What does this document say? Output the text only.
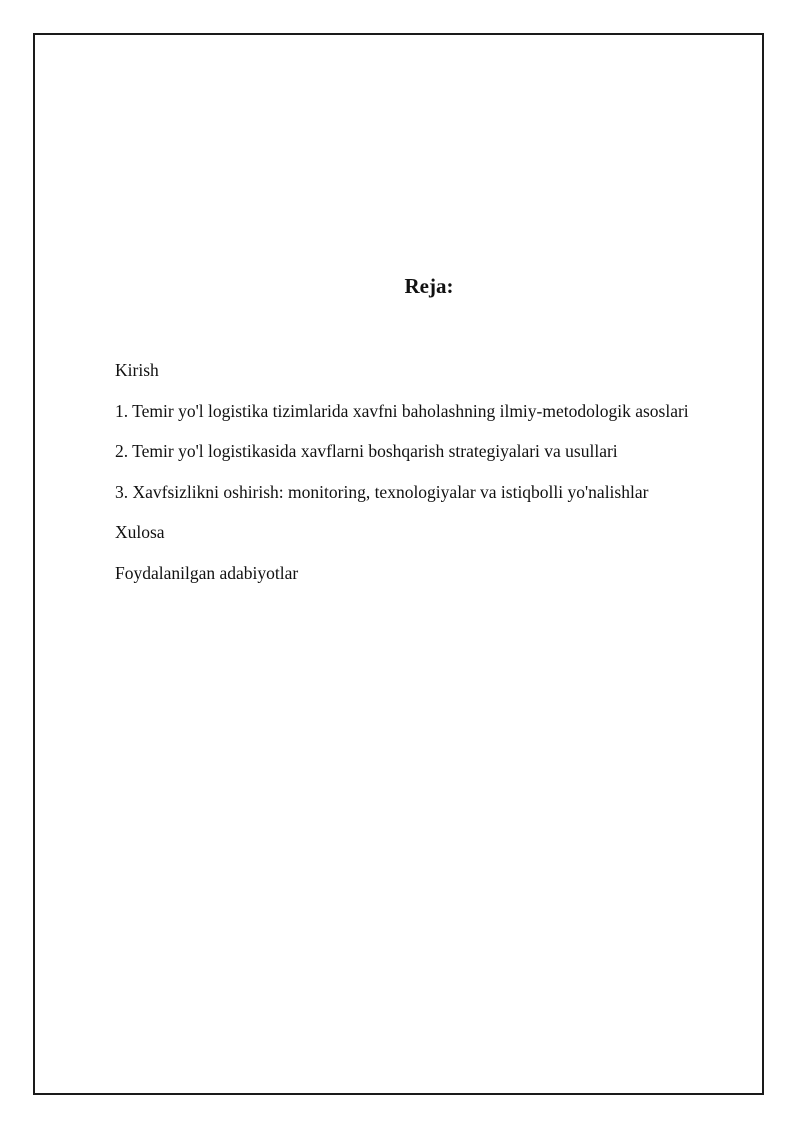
Reja:
Kirish
1. Temir yo'l logistika tizimlarida xavfni baholashning ilmiy-metodologik asoslari
2. Temir yo'l logistikasida xavflarni boshqarish strategiyalari va usullari
3. Xavfsizlikni oshirish: monitoring, texnologiyalar va istiqbolli yo'nalishlar
Xulosa
Foydalanilgan adabiyotlar
